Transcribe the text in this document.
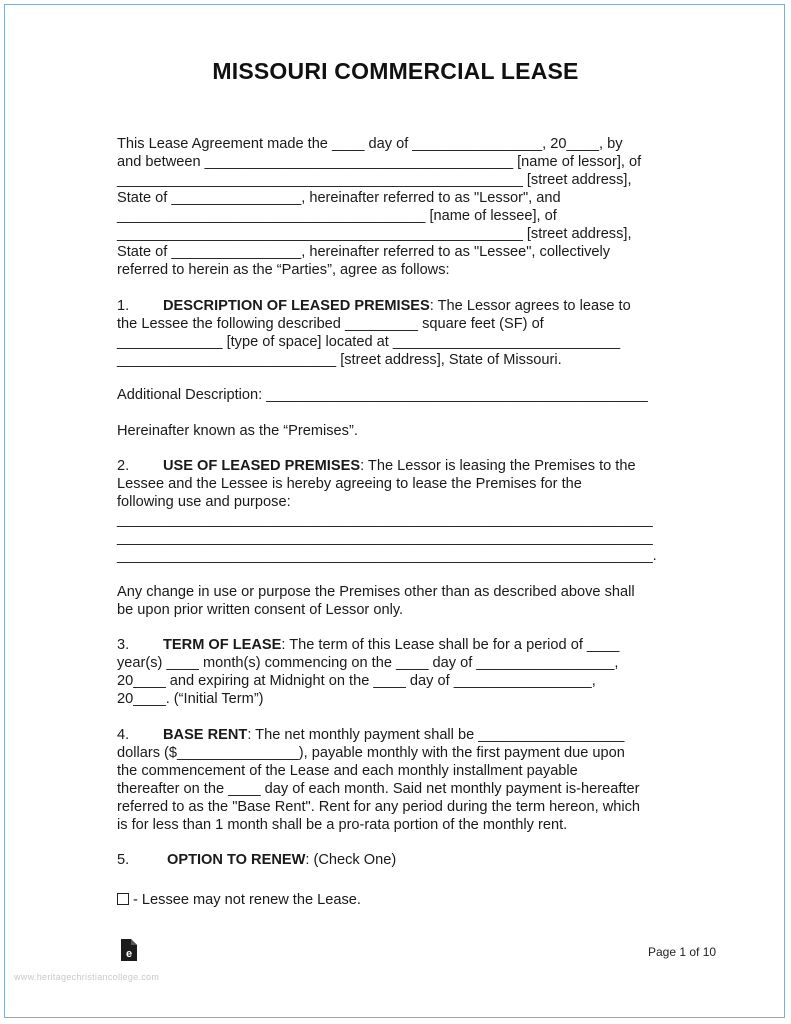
MISSOURI COMMERCIAL LEASE
This Lease Agreement made the ____ day of ________________, 20____, by
and between ______________________________________ [name of lessor], of
__________________________________________________ [street address],
State of ________________, hereinafter referred to as "Lessor", and
______________________________________ [name of lessee], of
__________________________________________________ [street address],
State of ________________, hereinafter referred to as "Lessee", collectively
referred to herein as the “Parties”, agree as follows:
1. DESCRIPTION OF LEASED PREMISES: The Lessor agrees to lease to
the Lessee the following described _________ square feet (SF) of
_____________ [type of space] located at ____________________________
___________________________ [street address], State of Missouri.
Additional Description: _______________________________________________
Hereinafter known as the “Premises”.
2. USE OF LEASED PREMISES: The Lessor is leasing the Premises to the
Lessee and the Lessee is hereby agreeing to lease the Premises for the
following use and purpose:
__________________________________________________________________
__________________________________________________________________
__________________________________________________________________.
Any change in use or purpose the Premises other than as described above shall
be upon prior written consent of Lessor only.
3. TERM OF LEASE: The term of this Lease shall be for a period of ____
year(s) ____ month(s) commencing on the ____ day of _________________,
20____ and expiring at Midnight on the ____ day of _________________,
20____. (“Initial Term”)
4. BASE RENT: The net monthly payment shall be __________________
dollars ($_______________), payable monthly with the first payment due upon
the commencement of the Lease and each monthly installment payable
thereafter on the ____ day of each month. Said net monthly payment is-hereafter
referred to as the "Base Rent". Rent for any period during the term hereon, which
is for less than 1 month shall be a pro-rata portion of the monthly rent.
5.	OPTION TO RENEW: (Check One)
- Lessee may not renew the Lease.
e	Page 1 of 10
www.heritagechristiancollege.com
